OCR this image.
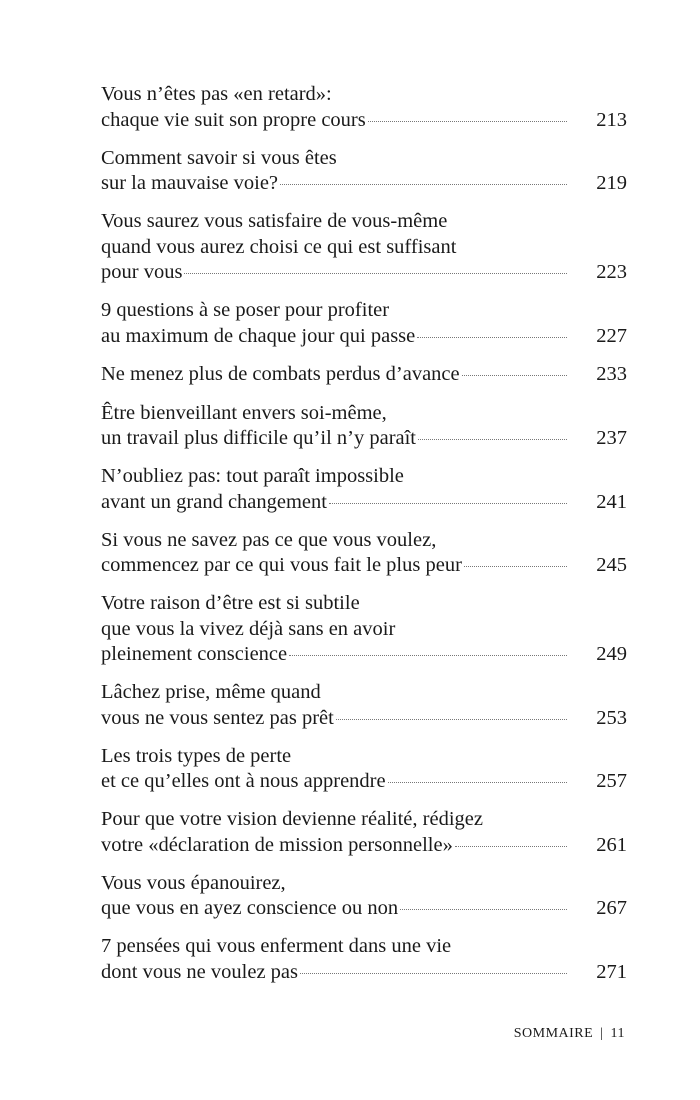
Vous n’êtes pas «en retard»:
chaque vie suit son propre cours	213
Comment savoir si vous êtes
sur la mauvaise voie?	219
Vous saurez vous satisfaire de vous-même
quand vous aurez choisi ce qui est suffisant
pour vous	223
9 questions à se poser pour profiter
au maximum de chaque jour qui passe	227
Ne menez plus de combats perdus d’avance	233
Être bienveillant envers soi-même,
un travail plus difficile qu’il n’y paraît	237
N’oubliez pas: tout paraît impossible
avant un grand changement	241
Si vous ne savez pas ce que vous voulez,
commencez par ce qui vous fait le plus peur	245
Votre raison d’être est si subtile
que vous la vivez déjà sans en avoir
pleinement conscience	249
Lâchez prise, même quand
vous ne vous sentez pas prêt	253
Les trois types de perte
et ce qu’elles ont à nous apprendre	257
Pour que votre vision devienne réalité, rédigez
votre «déclaration de mission personnelle»	261
Vous vous épanouirez,
que vous en ayez conscience ou non	267
7 pensées qui vous enferment dans une vie
dont vous ne voulez pas	271
SOMMAIRE | 11
